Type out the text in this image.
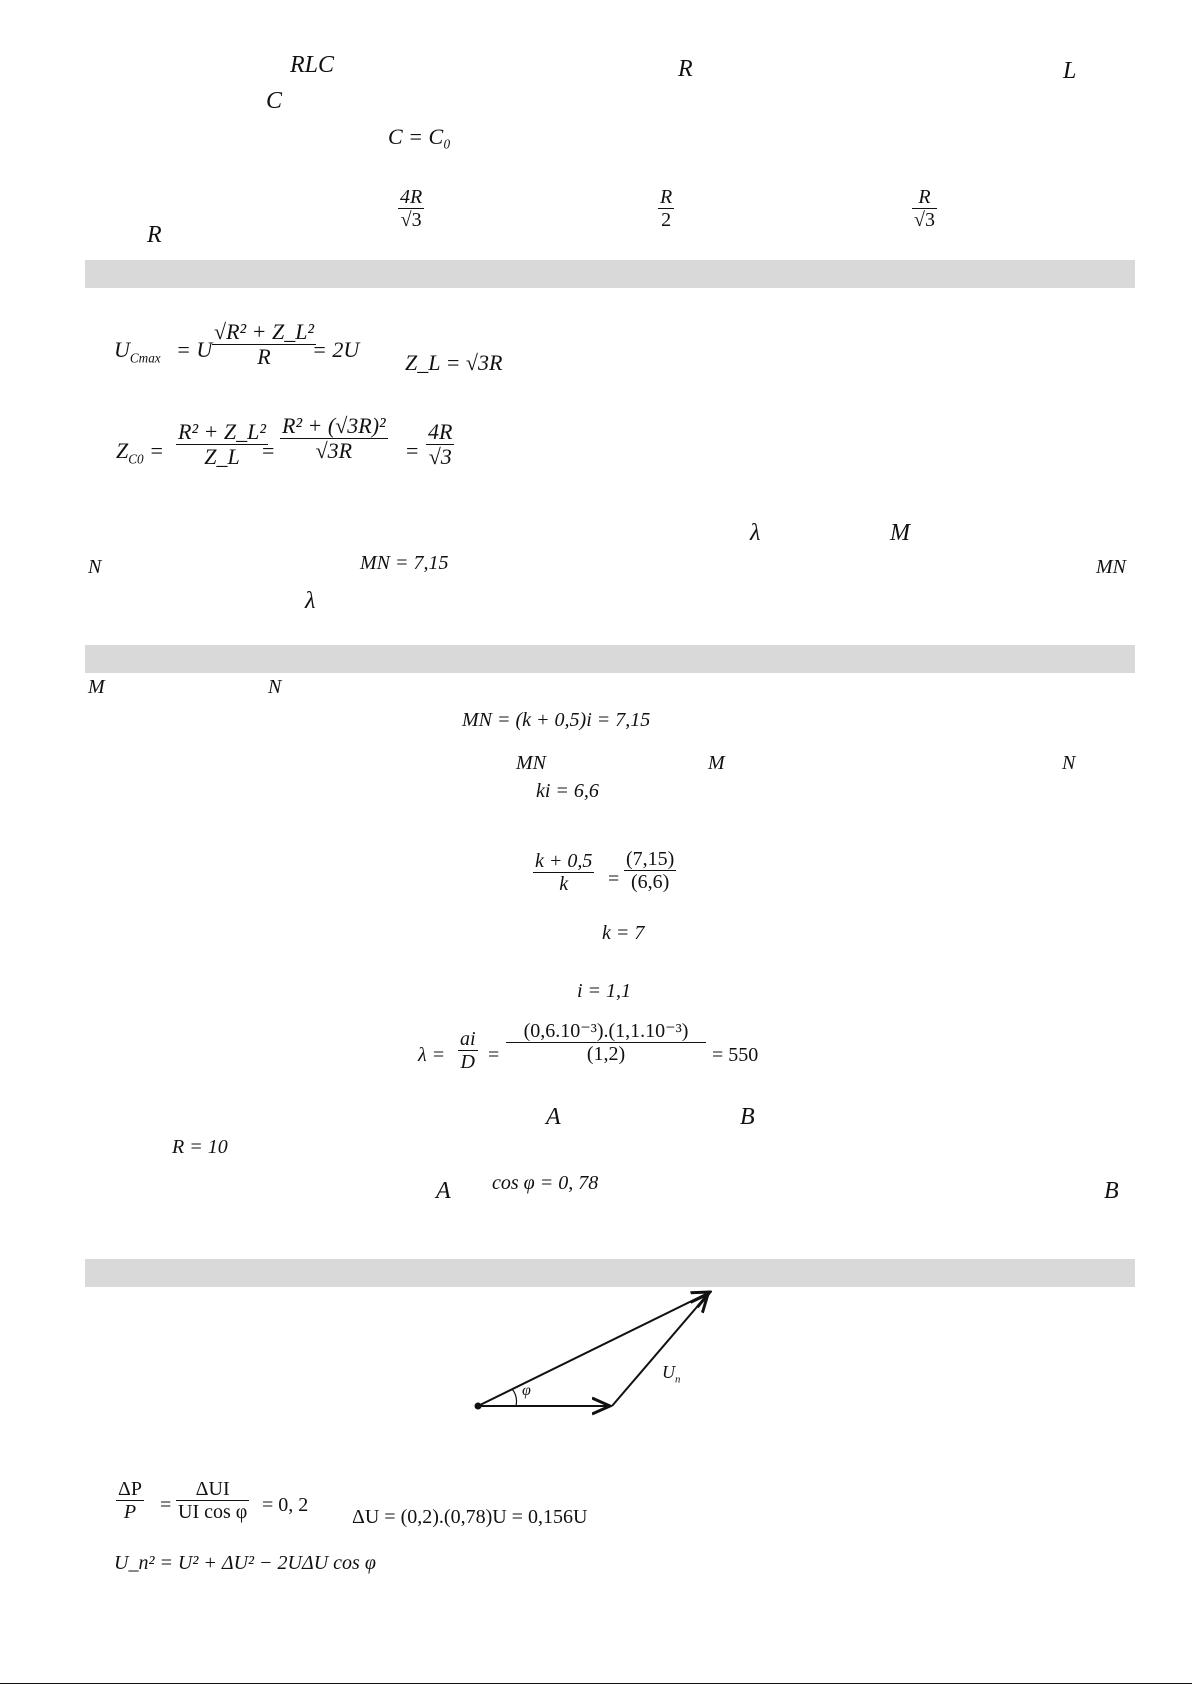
RLC	R	L
C
C = C₀
R
4R
√3
R
2
R
√3
$U_{Cmax} = U$
√R² + Z_L²
R = 2U
Z_L = √3R
$Z_{C0}$ =
R² + Z_L²
Z_L =
R² + (√3R)²
√3R =
4R
√3
λ	M
N	MN = 7,15	MN
λ
M	N
MN = (k + 0,5)i = 7,15
MN	M	N
ki = 6,6
k + 0,5
k =
(7,15)
(6,6)
k = 7
i = 1,1
λ =
ai
D =
(0,6.10⁻³).(1,1.10⁻³)
(1,2)	= 550
A	B
R = 10
A cos φ = 0, 78	B
φ
$U_n$
ΔP
P =
ΔUI
UI cos φ = 0, 2
ΔU = (0,2).(0,78)U = 0,156U
U_n² = U² + ΔU² − 2UΔU cos φ
